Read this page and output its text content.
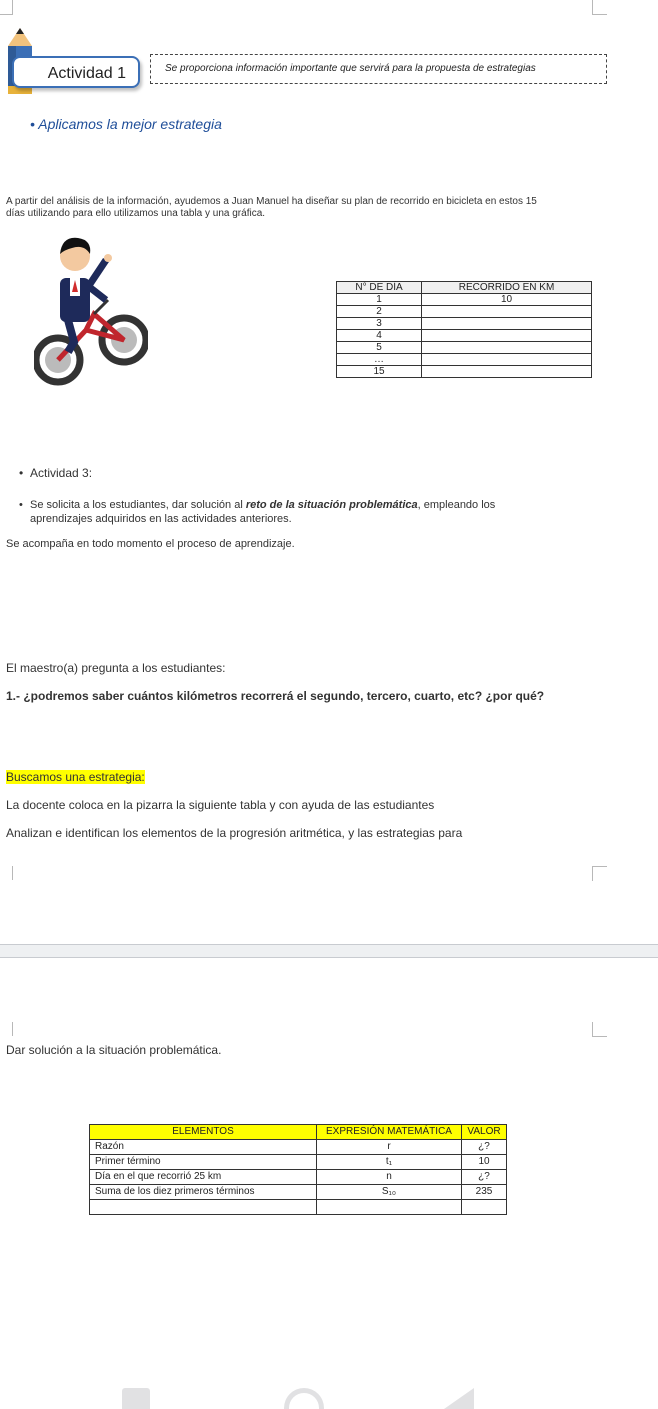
Actividad 1	Se proporciona información importante que servirá para la propuesta de estrategias
• Aplicamos la mejor estrategia
A partir del análisis de la información, ayudemos a Juan Manuel ha diseñar su plan de recorrido en bicicleta en estos 15
días utilizando para ello utilizamos una tabla y una gráfica.
N° DE DÍA	RECORRIDO EN KM
1	10
2	
3	
4	
5	
…	
15	
• Actividad 3:
• Se solicita a los estudiantes, dar solución al reto de la situación problemática, empleando los
aprendizajes adquiridos en las actividades anteriores.
Se acompaña en todo momento el proceso de aprendizaje.
El maestro(a) pregunta a los estudiantes:
1.- ¿podremos saber cuántos kilómetros recorrerá el segundo, tercero, cuarto, etc? ¿por qué?
Buscamos una estrategia:
La docente coloca en la pizarra la siguiente tabla y con ayuda de las estudiantes
Analizan e identifican los elementos de la progresión aritmética, y las estrategias para
Dar solución a la situación problemática.
ELEMENTOS	EXPRESIÓN MATEMÁTICA	VALOR
Razón	r	¿?
Primer término	t₁	10
Día en el que recorrió 25 km	n	¿?
Suma de los diez primeros términos	S₁₀	235
